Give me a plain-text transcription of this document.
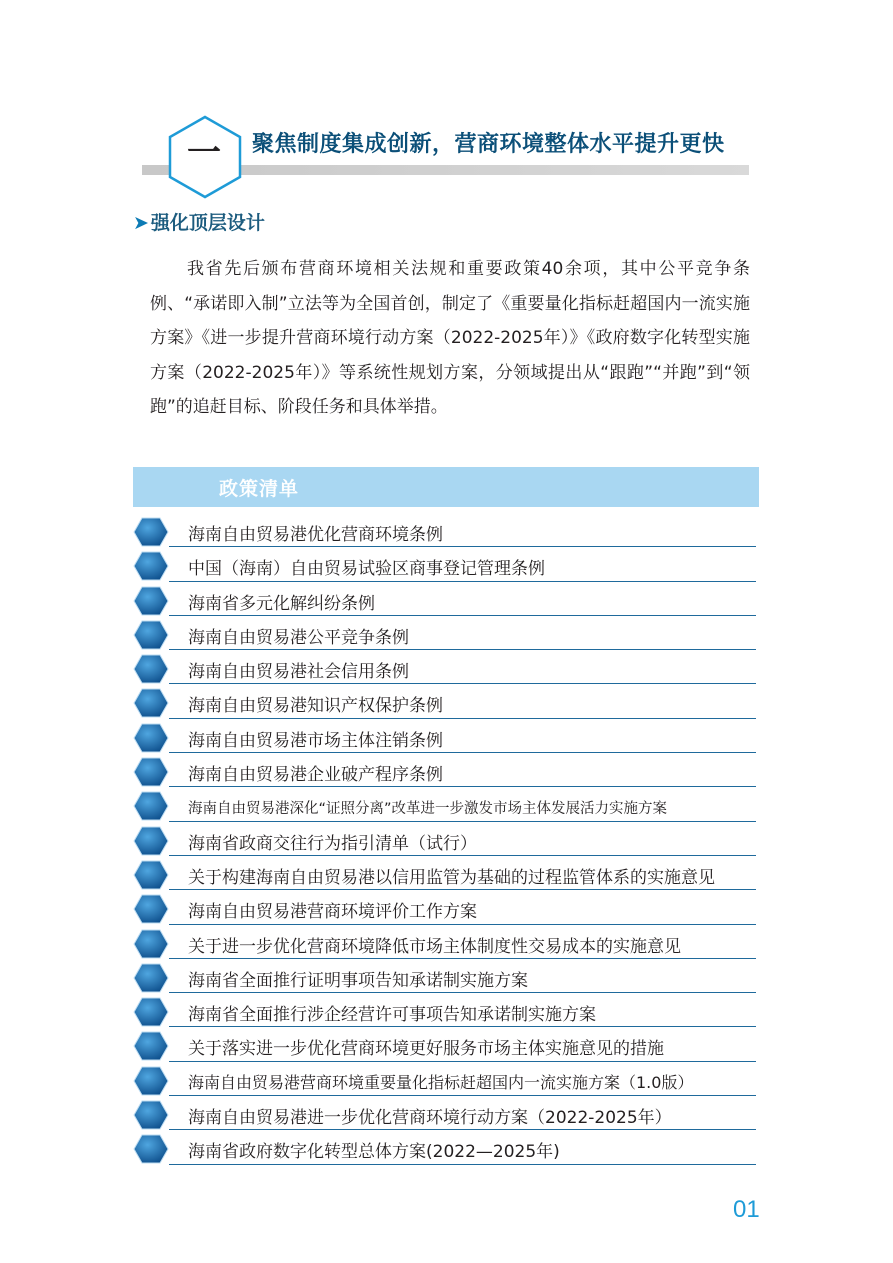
一 聚焦制度集成创新，营商环境整体水平提升更快
➤ 强化顶层设计
我省先后颁布营商环境相关法规和重要政策40余项，其中公平竞争条例、“承诺即入制”立法等为全国首创，制定了《重要量化指标赶超国内一流实施方案》《进一步提升营商环境行动方案（2022-2025年）》《政府数字化转型实施方案（2022-2025年）》等系统性规划方案，分领域提出从“跟跑”“并跑”到“领跑”的追赶目标、阶段任务和具体举措。
政策清单
海南自由贸易港优化营商环境条例
中国（海南）自由贸易试验区商事登记管理条例
海南省多元化解纠纷条例
海南自由贸易港公平竞争条例
海南自由贸易港社会信用条例
海南自由贸易港知识产权保护条例
海南自由贸易港市场主体注销条例
海南自由贸易港企业破产程序条例
海南自由贸易港深化“证照分离”改革进一步激发市场主体发展活力实施方案
海南省政商交往行为指引清单（试行）
关于构建海南自由贸易港以信用监管为基础的过程监管体系的实施意见
海南自由贸易港营商环境评价工作方案
关于进一步优化营商环境降低市场主体制度性交易成本的实施意见
海南省全面推行证明事项告知承诺制实施方案
海南省全面推行涉企经营许可事项告知承诺制实施方案
关于落实进一步优化营商环境更好服务市场主体实施意见的措施
海南自由贸易港营商环境重要量化指标赶超国内一流实施方案（1.0版）
海南自由贸易港进一步优化营商环境行动方案（2022-2025年）
海南省政府数字化转型总体方案(2022—2025年)
01
